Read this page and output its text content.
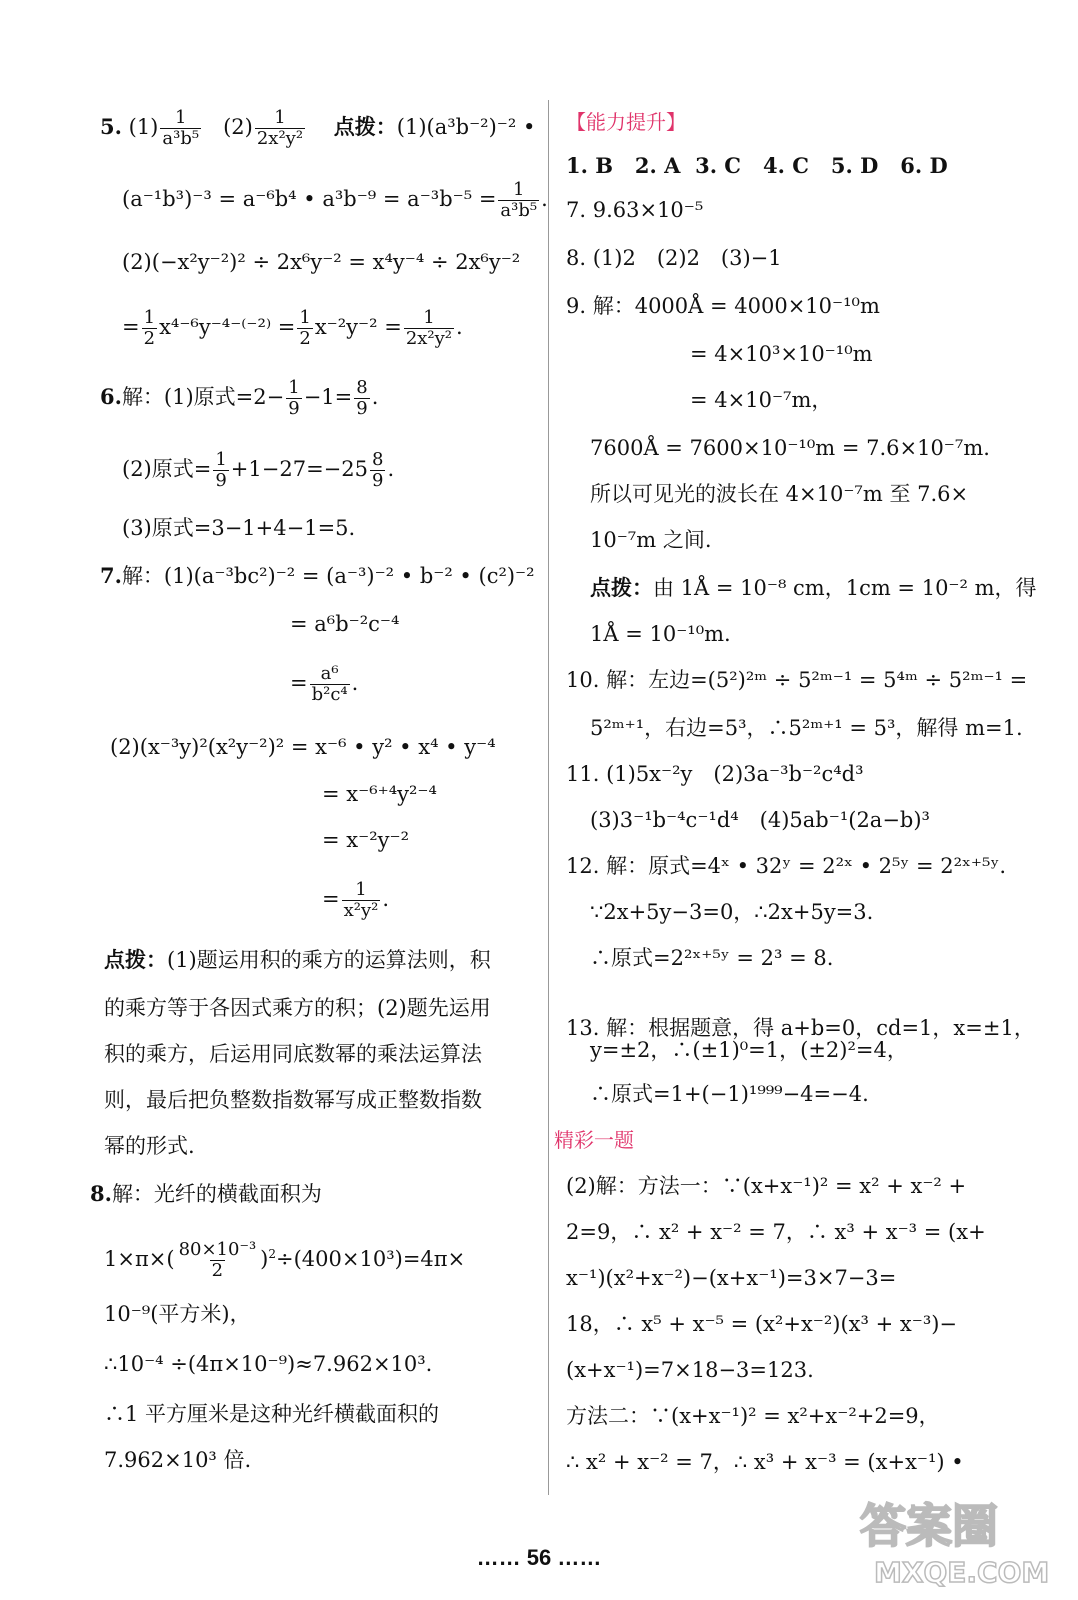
5. $(1) \frac{1}{\text{a³b⁵}} (2) \frac{1}{\text{2x²y²}}$ 点拨：(1)(a³b⁻²)⁻² •
(a⁻¹b³)⁻³ = a⁻⁶b⁴ • $a^3b^{-9} = a^{-3}b^{-5} = \frac{1}{\text{a³b⁵}}$ .
(2)(−x²y⁻²)² ÷ 2x⁶y⁻² = x⁴y⁻⁴ ÷ 2x⁶y⁻²
= $\frac{1}{2} x^{4-6}y^{-4-(-2)} = \frac{1}{2} x^{-2}y^{-2} = \frac{1}{\text{2x²y²}}$ .
6.解：(1)原式$=2- \frac{1}{9} -1= \frac{8}{9}$ .
(2)原式= $\frac{1}{9} +1-27=-25 \frac{8}{9}$ .
(3)原式=3−1+4−1=5.
7.解：(1)(a⁻³bc²)⁻² = (a⁻³)⁻² • b⁻² • (c²)⁻²
= a⁶b⁻²c⁻⁴
= $\frac{\text{a⁶}}{\text{b²c⁴}}$ .
(2)(x⁻³y)²(x²y⁻²)² = x⁻⁶ • y² • x⁴ • y⁻⁴
= x⁻⁶⁺⁴y²⁻⁴
= x⁻²y⁻²
= $\frac{1}{\text{x²y²}}$ .
点拨：(1)题运用积的乘方的运算法则，积
的乘方等于各因式乘方的积；(2)题先运用
积的乘方，后运用同底数幂的乘法运算法
则，最后把负整数指数幂写成正整数指数
幂的形式.
8.解：光纤的横截面积为
$1\times\pi\times( \frac{\text{80×10⁻³}}{2} )^2\div(400\times 10^3)=4\pi\times$
10⁻⁹(平方米)，
∴10⁻⁴ ÷(4π×10⁻⁹)≈7.962×10³.
∴1 平方厘米是这种光纤横截面积的
7.962×10³ 倍.
【能力提升】
1. B 2. A 3. C 4. C 5. D 6. D
7. 9.63×10⁻⁵
8. (1)2　(2)2　(3)−1
9. 解：4000Å = 4000×10⁻¹⁰m
= 4×10³×10⁻¹⁰m
= 4×10⁻⁷m，
7600Å = 7600×10⁻¹⁰m = 7.6×10⁻⁷m.
所以可见光的波长在 4×10⁻⁷m 至 7.6×
10⁻⁷m 之间.
点拨：由 1Å = 10⁻⁸ cm，1cm = 10⁻² m，得
1Å = 10⁻¹⁰m.
10. 解：左边=(5²)²ᵐ ÷ 5²ᵐ⁻¹ = 5⁴ᵐ ÷ 5²ᵐ⁻¹ =
5²ᵐ⁺¹，右边=5³，∴5²ᵐ⁺¹ = 5³，解得 m=1.
11. (1)5x⁻²y　(2)3a⁻³b⁻²c⁴d³
(3)3⁻¹b⁻⁴c⁻¹d⁴　(4)5ab⁻¹(2a−b)³
12. 解：原式=4ˣ • 32ʸ = 2²ˣ • 2⁵ʸ = 2²ˣ⁺⁵ʸ.
∵2x+5y−3=0，∴2x+5y=3.
∴原式=2²ˣ⁺⁵ʸ = 2³ = 8.
13. 解：根据题意，得 a+b=0，cd=1，x=±1，
y=±2，∴(±1)⁰=1，(±2)²=4，
∴原式=1+(−1)¹⁹⁹⁹−4=−4.
精彩一题
(2)解：方法一：∵(x+x⁻¹)² = x² + x⁻² +
2=9，∴ x² + x⁻² = 7，∴ x³ + x⁻³ = (x+
x⁻¹)(x²+x⁻²)−(x+x⁻¹)=3×7−3=
18，∴ x⁵ + x⁻⁵ = (x²+x⁻²)(x³ + x⁻³)−
(x+x⁻¹)=7×18−3=123.
方法二：∵(x+x⁻¹)² = x²+x⁻²+2=9，
∴ x² + x⁻² = 7，∴ x³ + x⁻³ = (x+x⁻¹) •
…… 56 ……
答案圈
MXQE.COM
